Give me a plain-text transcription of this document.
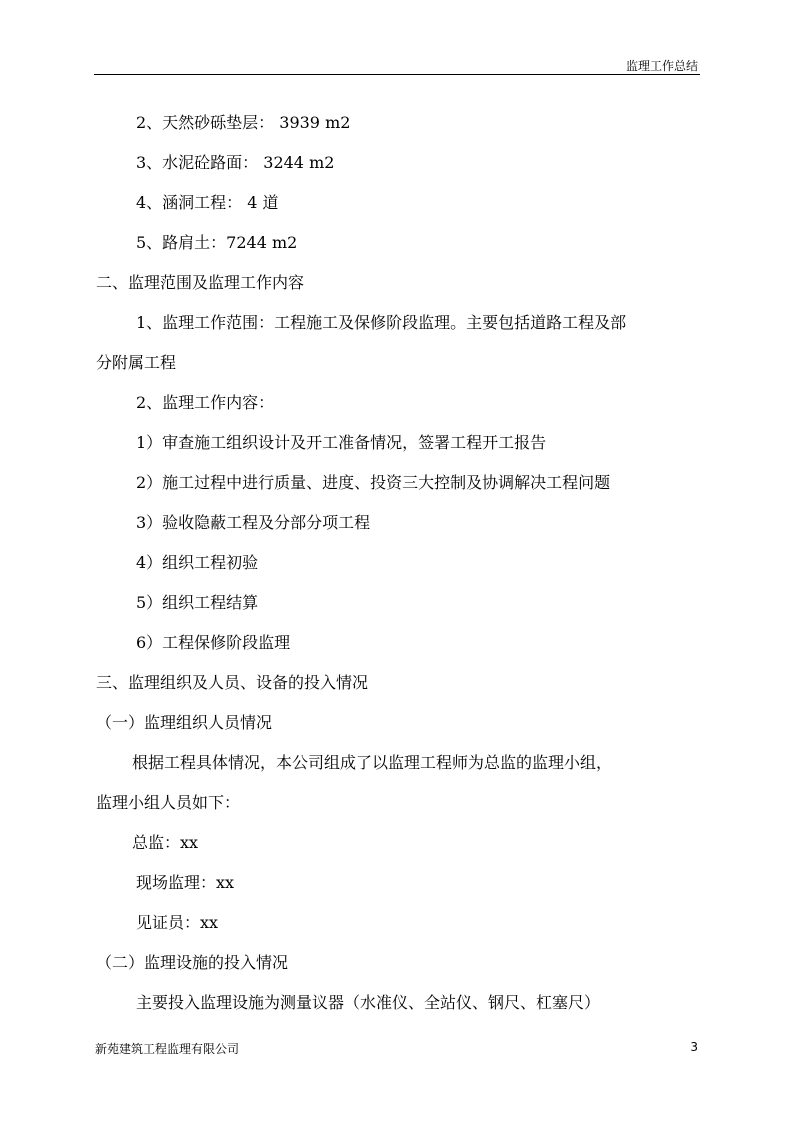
监理工作总结
2、天然砂砾垫层： 3939 m2
3、水泥砼路面： 3244 m2
4、涵洞工程： 4 道
5、路肩土：7244 m2
二、监理范围及监理工作内容
1、监理工作范围：工程施工及保修阶段监理。主要包括道路工程及部
分附属工程
2、监理工作内容：
1）审查施工组织设计及开工准备情况，签署工程开工报告
2）施工过程中进行质量、进度、投资三大控制及协调解决工程问题
3）验收隐蔽工程及分部分项工程
4）组织工程初验
5）组织工程结算
6）工程保修阶段监理
三、监理组织及人员、设备的投入情况
（一）监理组织人员情况
根据工程具体情况，本公司组成了以监理工程师为总监的监理小组，
监理小组人员如下：
总监：xx
现场监理：xx
见证员：xx
（二）监理设施的投入情况
主要投入监理设施为测量议器（水准仪、全站仪、钢尺、杠塞尺）
新苑建筑工程监理有限公司	3
